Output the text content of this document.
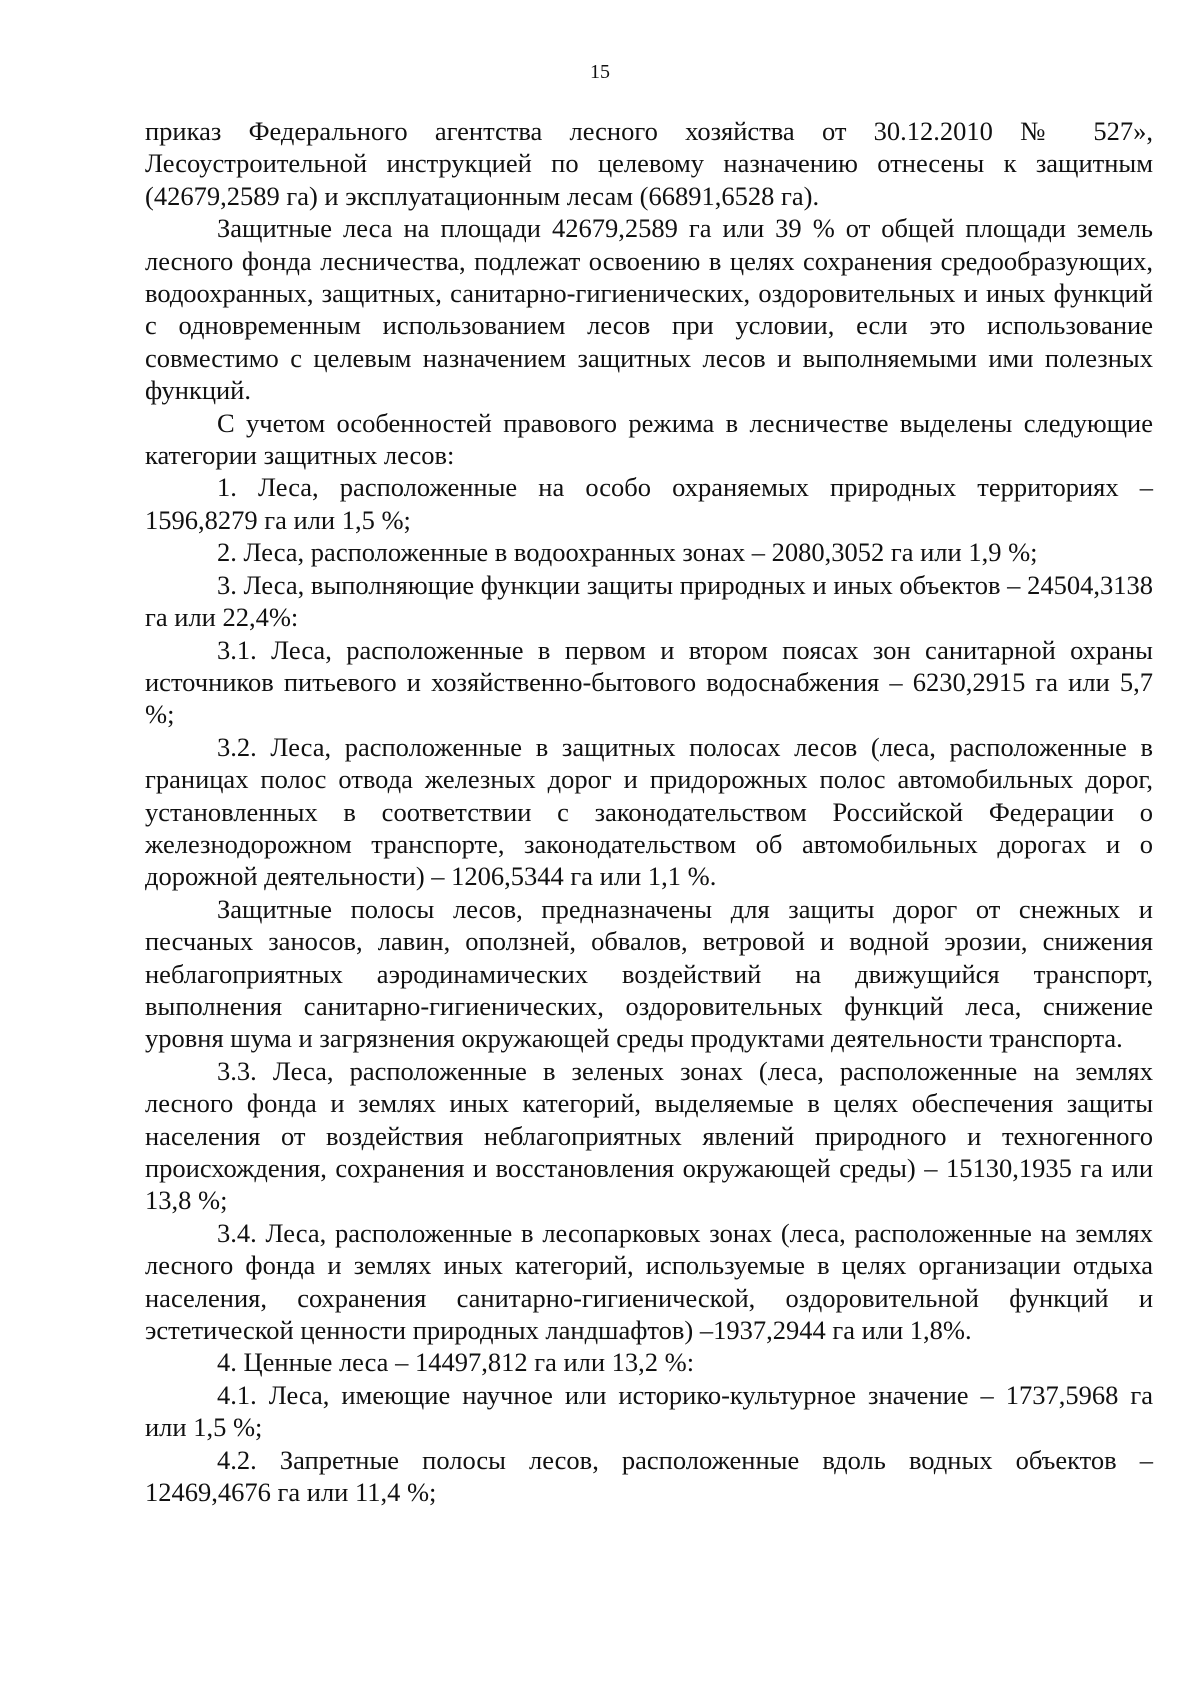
15

приказ Федерального агентства лесного хозяйства от 30.12.2010 № 527», Лесоустроительной инструкцией по целевому назначению отнесены к защитным (42679,2589 га) и эксплуатационным лесам (66891,6528 га).

Защитные леса на площади 42679,2589 га или 39 % от общей площади земель лесного фонда лесничества, подлежат освоению в целях сохранения средообразующих, водоохранных, защитных, санитарно-гигиенических, оздоровительных и иных функций с одновременным использованием лесов при условии, если это использование совместимо с целевым назначением защитных лесов и выполняемыми ими полезных функций.

С учетом особенностей правового режима в лесничестве выделены следующие категории защитных лесов:

1. Леса, расположенные на особо охраняемых природных территориях – 1596,8279 га или 1,5 %;

2. Леса, расположенные в водоохранных зонах – 2080,3052 га или 1,9 %;

3. Леса, выполняющие функции защиты природных и иных объектов – 24504,3138 га или 22,4%:

3.1. Леса, расположенные в первом и втором поясах зон санитарной охраны источников питьевого и хозяйственно-бытового водоснабжения – 6230,2915 га или 5,7 %;

3.2. Леса, расположенные в защитных полосах лесов (леса, расположенные в границах полос отвода железных дорог и придорожных полос автомобильных дорог, установленных в соответствии с законодательством Российской Федерации о железнодорожном транспорте, законодательством об автомобильных дорогах и о дорожной деятельности) – 1206,5344 га или 1,1 %.

Защитные полосы лесов, предназначены для защиты дорог от снежных и песчаных заносов, лавин, оползней, обвалов, ветровой и водной эрозии, снижения неблагоприятных аэродинамических воздействий на движущийся транспорт, выполнения санитарно-гигиенических, оздоровительных функций леса, снижение уровня шума и загрязнения окружающей среды продуктами деятельности транспорта.

3.3. Леса, расположенные в зеленых зонах (леса, расположенные на землях лесного фонда и землях иных категорий, выделяемые в целях обеспечения защиты населения от воздействия неблагоприятных явлений природного и техногенного происхождения, сохранения и восстановления окружающей среды) – 15130,1935 га или 13,8 %;

3.4. Леса, расположенные в лесопарковых зонах (леса, расположенные на землях лесного фонда и землях иных категорий, используемые в целях организации отдыха населения, сохранения санитарно-гигиенической, оздоровительной функций и эстетической ценности природных ландшафтов) –1937,2944 га или 1,8%.

4. Ценные леса – 14497,812 га или 13,2 %:

4.1. Леса, имеющие научное или историко-культурное значение – 1737,5968 га или 1,5 %;

4.2. Запретные полосы лесов, расположенные вдоль водных объектов – 12469,4676 га или 11,4 %;
